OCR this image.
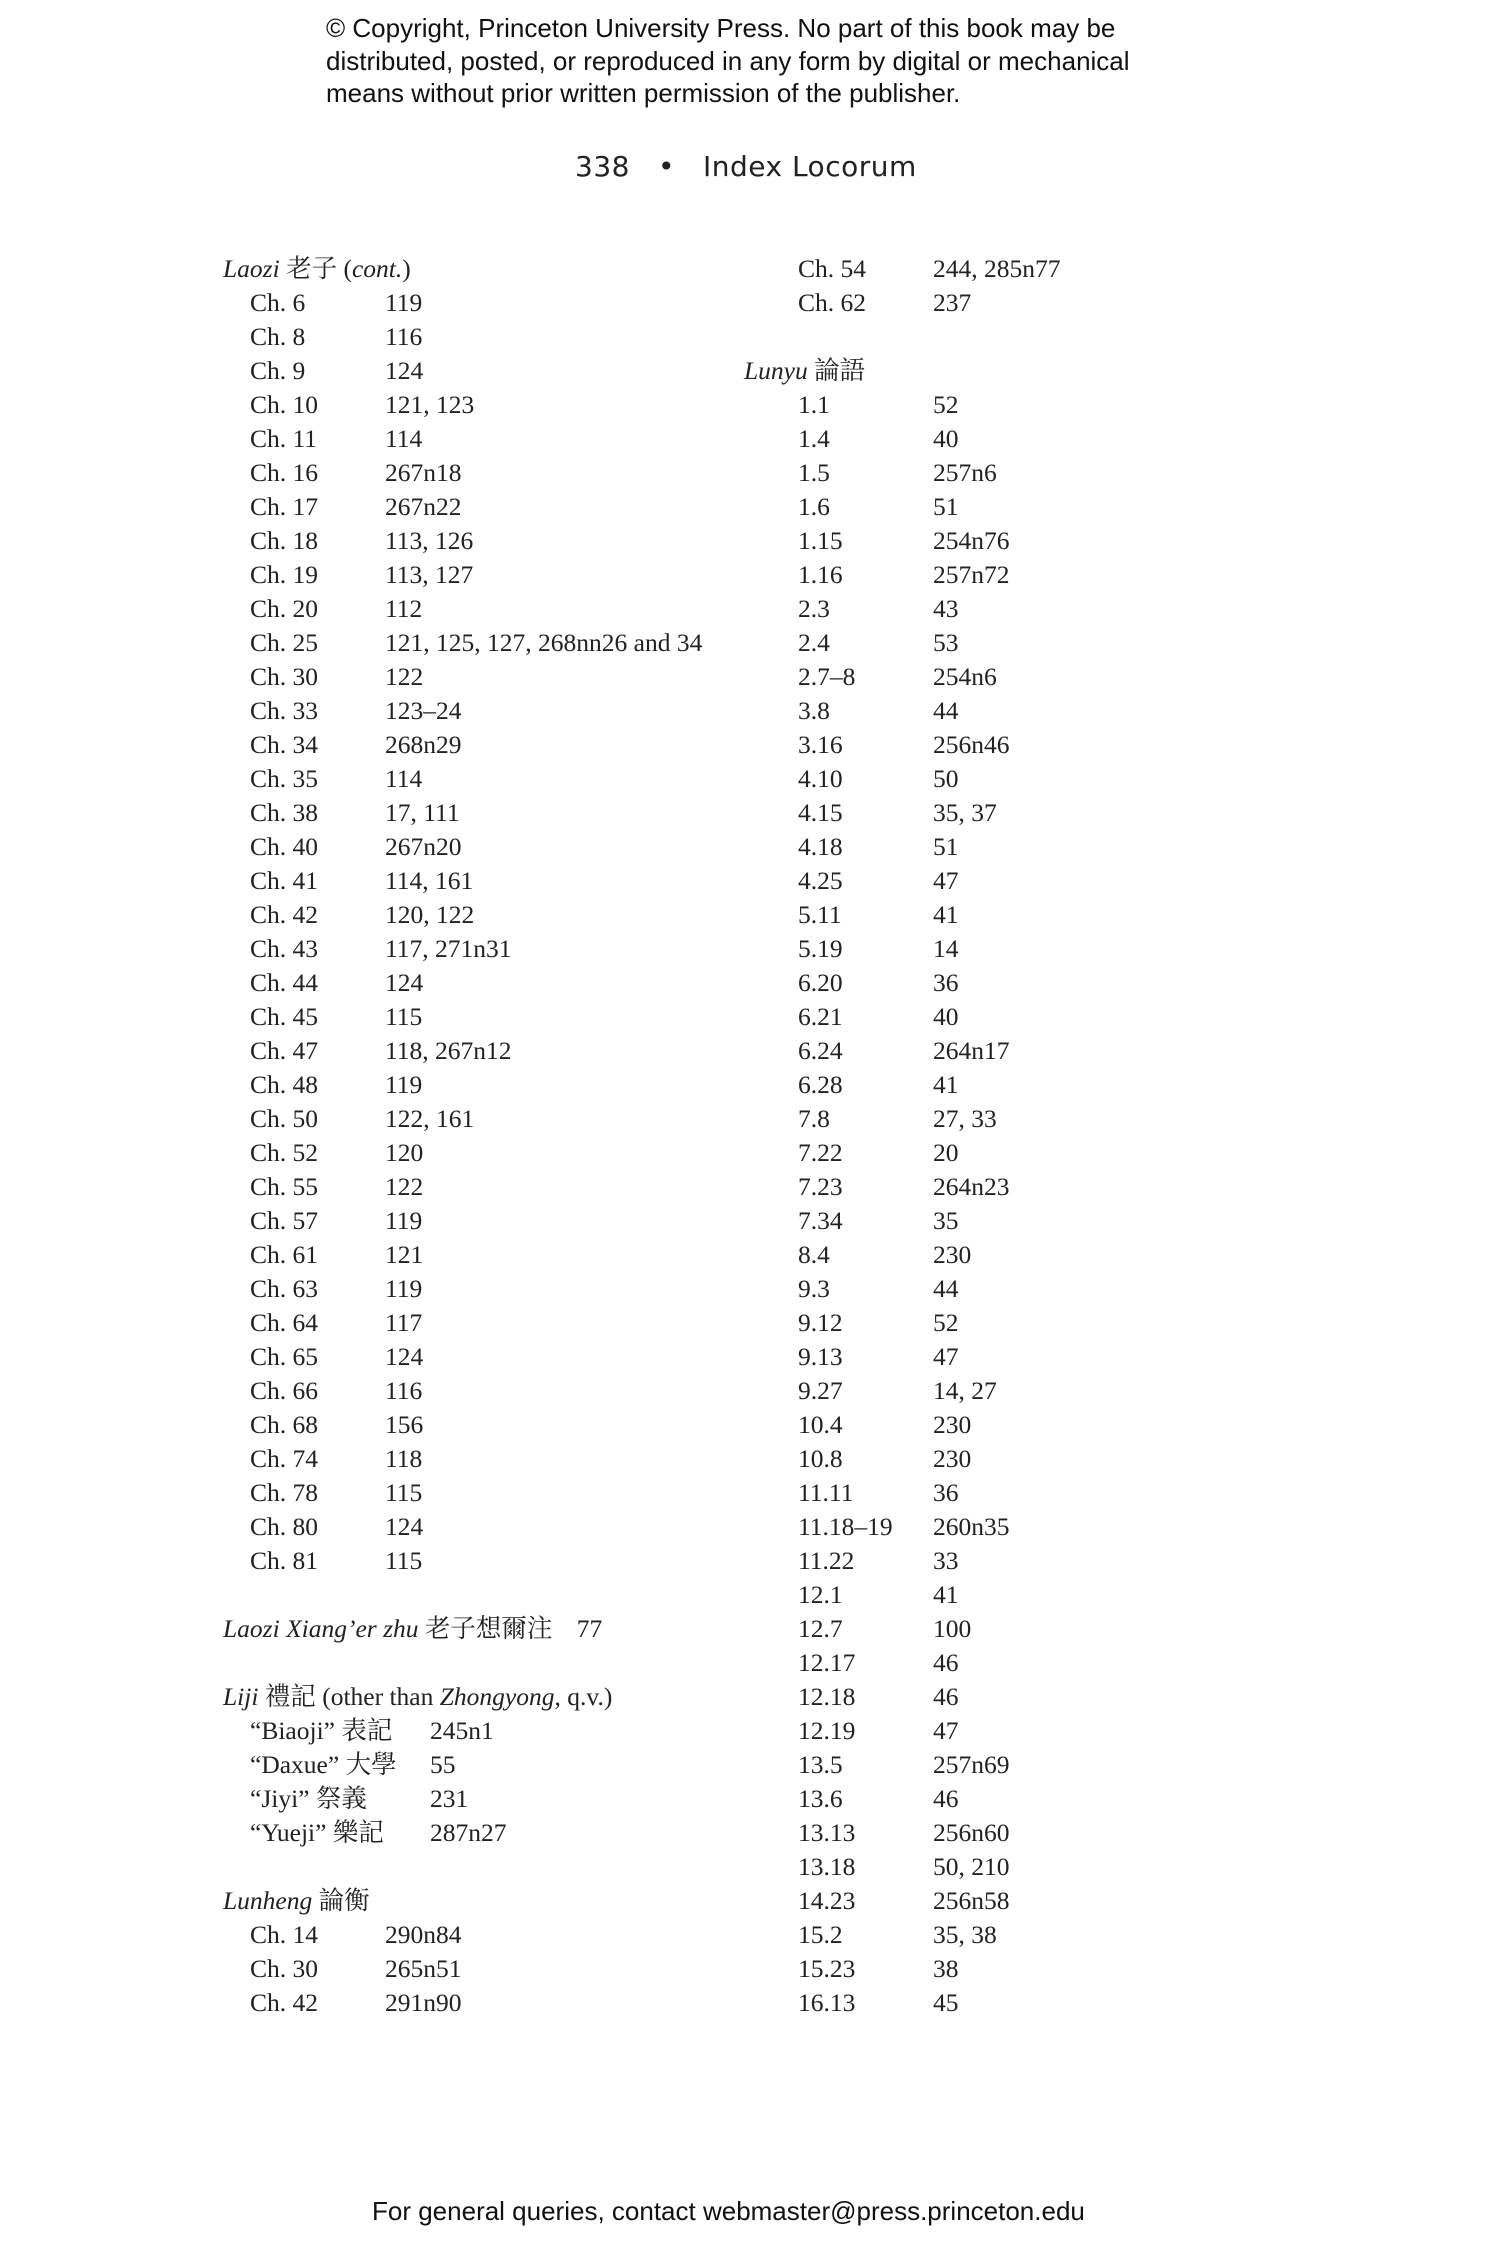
© Copyright, Princeton University Press. No part of this book may be
distributed, posted, or reproduced in any form by digital or mechanical
means without prior written permission of the publisher.
338 • Index Locorum
Laozi 老子 (cont.)
Ch. 6	119
Ch. 8	116
Ch. 9	124
Ch. 10	121, 123
Ch. 11	114
Ch. 16	267n18
Ch. 17	267n22
Ch. 18	113, 126
Ch. 19	113, 127
Ch. 20	112
Ch. 25	121, 125, 127, 268nn26 and 34
Ch. 30	122
Ch. 33	123–24
Ch. 34	268n29
Ch. 35	114
Ch. 38	17, 111
Ch. 40	267n20
Ch. 41	114, 161
Ch. 42	120, 122
Ch. 43	117, 271n31
Ch. 44	124
Ch. 45	115
Ch. 47	118, 267n12
Ch. 48	119
Ch. 50	122, 161
Ch. 52	120
Ch. 55	122
Ch. 57	119
Ch. 61	121
Ch. 63	119
Ch. 64	117
Ch. 65	124
Ch. 66	116
Ch. 68	156
Ch. 74	118
Ch. 78	115
Ch. 80	124
Ch. 81	115
Laozi Xiang’er zhu 老子想爾注 77
Liji 禮記 (other than Zhongyong, q.v.)
“Biaoji” 表記 245n1
“Daxue” 大學 55
“Jiyi” 祭義 231
“Yueji” 樂記 287n27
Lunheng 論衡
Ch. 14	290n84
Ch. 30	265n51
Ch. 42	291n90
Ch. 54	244, 285n77
Ch. 62	237
Lunyu 論語
1.1	52
1.4	40
1.5	257n6
1.6	51
1.15	254n76
1.16	257n72
2.3	43
2.4	53
2.7–8	254n6
3.8	44
3.16	256n46
4.10	50
4.15	35, 37
4.18	51
4.25	47
5.11	41
5.19	14
6.20	36
6.21	40
6.24	264n17
6.28	41
7.8	27, 33
7.22	20
7.23	264n23
7.34	35
8.4	230
9.3	44
9.12	52
9.13	47
9.27	14, 27
10.4	230
10.8	230
11.11	36
11.18–19 260n35
11.22	33
12.1	41
12.7	100
12.17	46
12.18	46
12.19	47
13.5	257n69
13.6	46
13.13	256n60
13.18	50, 210
14.23	256n58
15.2	35, 38
15.23	38
16.13	45
For general queries, contact webmaster@press.princeton.edu
